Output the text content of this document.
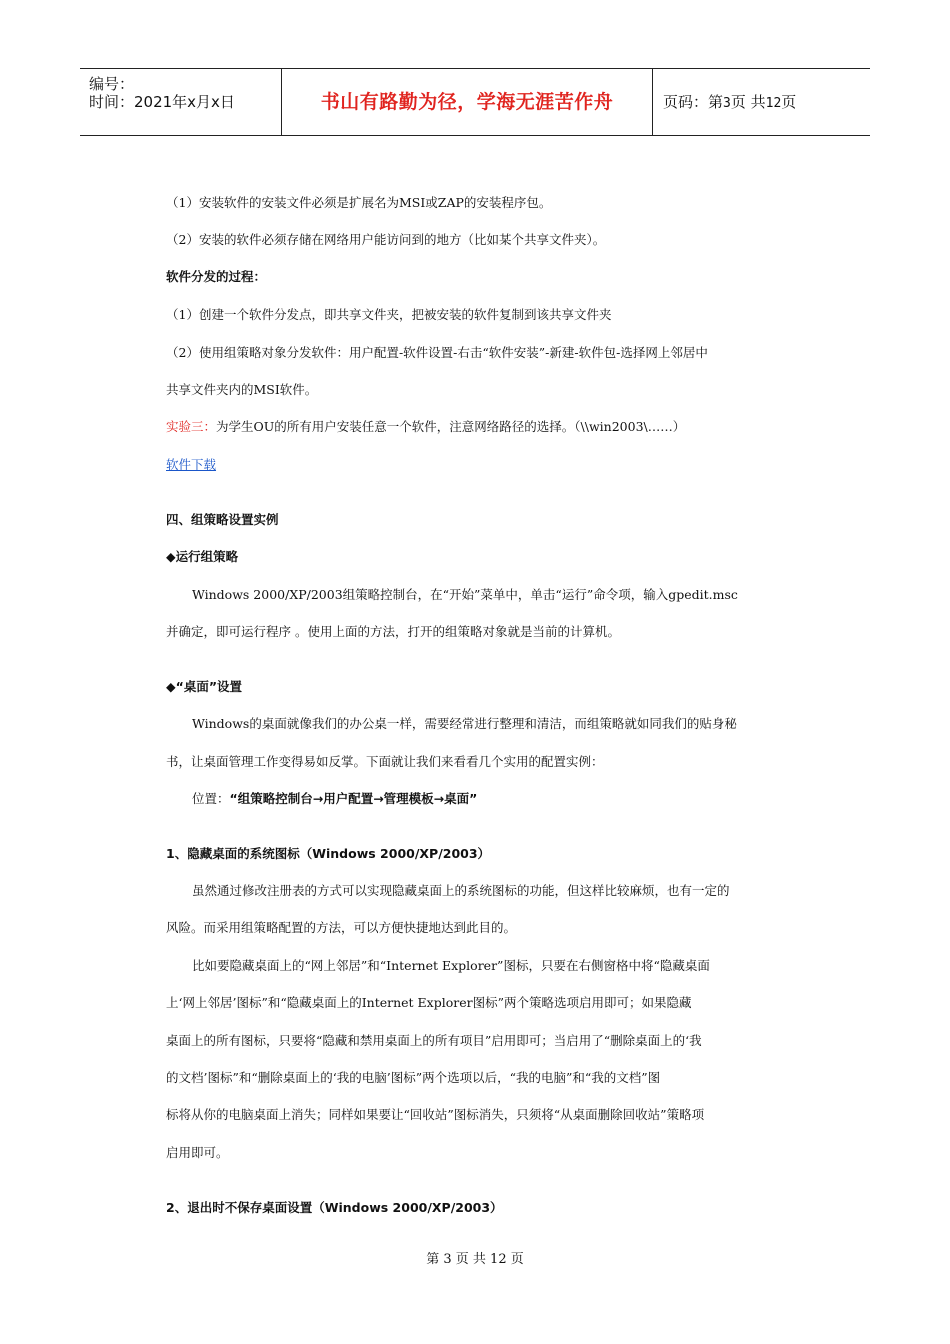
编号：
时间：2021年x月x日	书山有路勤为径，学海无涯苦作舟	页码：第3页 共12页
（1）安装软件的安装文件必须是扩展名为MSI或ZAP的安装程序包。
（2）安装的软件必须存储在网络用户能访问到的地方（比如某个共享文件夹）。
软件分发的过程：
（1）创建一个软件分发点，即共享文件夹，把被安装的软件复制到该共享文件夹
（2）使用组策略对象分发软件：用户配置-软件设置-右击“软件安装”-新建-软件包-选择网上邻居中
共享文件夹内的MSI软件。
实验三：为学生OU的所有用户安装任意一个软件，注意网络路径的选择。（\\win2003\……）
软件下载
四、组策略设置实例
◆运行组策略
Windows 2000/XP/2003组策略控制台，在“开始”菜单中，单击“运行”命令项，输入gpedit.msc
并确定，即可运行程序 。使用上面的方法，打开的组策略对象就是当前的计算机。
◆“桌面”设置
Windows的桌面就像我们的办公桌一样，需要经常进行整理和清洁，而组策略就如同我们的贴身秘
书，让桌面管理工作变得易如反掌。下面就让我们来看看几个实用的配置实例：
位置：“组策略控制台→用户配置→管理模板→桌面”
1、隐藏桌面的系统图标（Windows 2000/XP/2003）
虽然通过修改注册表的方式可以实现隐藏桌面上的系统图标的功能，但这样比较麻烦，也有一定的
风险。而采用组策略配置的方法，可以方便快捷地达到此目的。
比如要隐藏桌面上的“网上邻居”和“Internet Explorer”图标，只要在右侧窗格中将“隐藏桌面
上‘网上邻居’图标”和“隐藏桌面上的Internet Explorer图标”两个策略选项启用即可；如果隐藏
桌面上的所有图标，只要将“隐藏和禁用桌面上的所有项目”启用即可；当启用了“删除桌面上的‘我
的文档’图标”和“删除桌面上的‘我的电脑’图标”两个选项以后，“我的电脑”和“我的文档”图
标将从你的电脑桌面上消失；同样如果要让“回收站”图标消失，只须将“从桌面删除回收站”策略项
启用即可。
2、退出时不保存桌面设置（Windows 2000/XP/2003）
第 3 页 共 12 页
